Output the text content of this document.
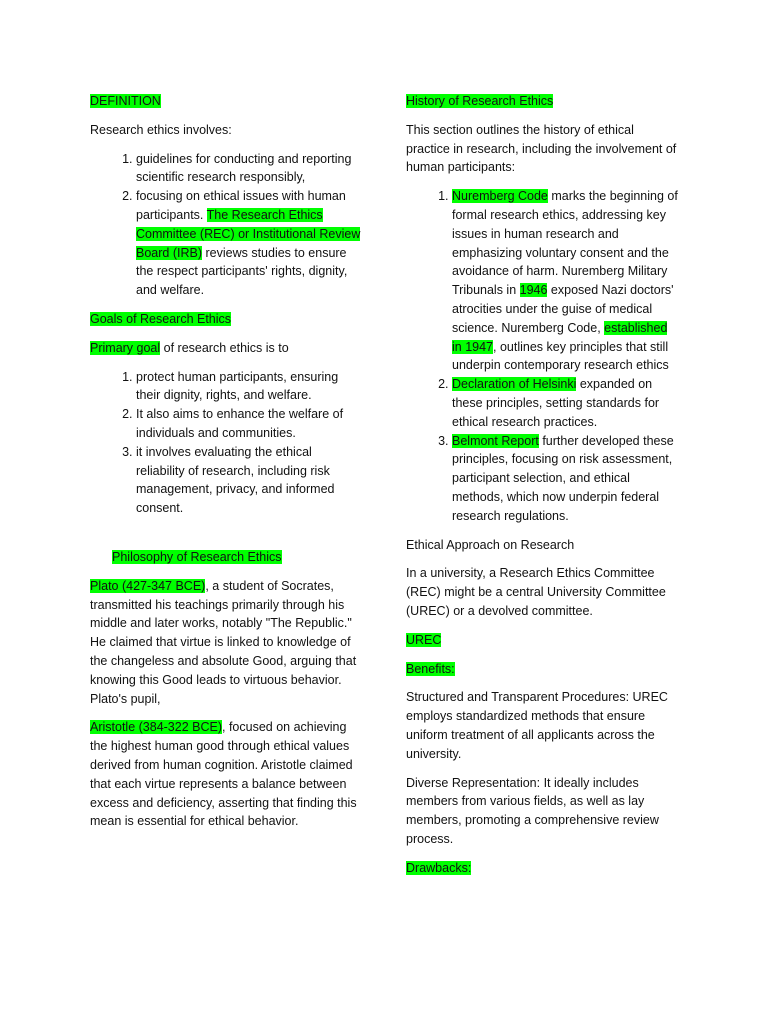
DEFINITION

Research ethics involves:

1. guidelines for conducting and reporting scientific research responsibly,
2. focusing on ethical issues with human participants. The Research Ethics Committee (REC) or Institutional Review Board (IRB) reviews studies to ensure the respect participants' rights, dignity, and welfare.

Goals of Research Ethics

Primary goal of research ethics is to

1. protect human participants, ensuring their dignity, rights, and welfare.
2. It also aims to enhance the welfare of individuals and communities.
3. it involves evaluating the ethical reliability of research, including risk management, privacy, and informed consent.

Philosophy of Research Ethics

Plato (427-347 BCE), a student of Socrates, transmitted his teachings primarily through his middle and later works, notably "The Republic." He claimed that virtue is linked to knowledge of the changeless and absolute Good, arguing that knowing this Good leads to virtuous behavior. Plato's pupil,

Aristotle (384-322 BCE), focused on achieving the highest human good through ethical values derived from human cognition. Aristotle claimed that each virtue represents a balance between excess and deficiency, asserting that finding this mean is essential for ethical behavior.

History of Research Ethics

This section outlines the history of ethical practice in research, including the involvement of human participants:

1. Nuremberg Code marks the beginning of formal research ethics, addressing key issues in human research and emphasizing voluntary consent and the avoidance of harm. Nuremberg Military Tribunals in 1946 exposed Nazi doctors' atrocities under the guise of medical science. Nuremberg Code, established in 1947, outlines key principles that still underpin contemporary research ethics
2. Declaration of Helsinki expanded on these principles, setting standards for ethical research practices.
3. Belmont Report further developed these principles, focusing on risk assessment, participant selection, and ethical methods, which now underpin federal research regulations.

Ethical Approach on Research

In a university, a Research Ethics Committee (REC) might be a central University Committee (UREC) or a devolved committee.

UREC

Benefits:

Structured and Transparent Procedures: UREC employs standardized methods that ensure uniform treatment of all applicants across the university.

Diverse Representation: It ideally includes members from various fields, as well as lay members, promoting a comprehensive review process.

Drawbacks:
